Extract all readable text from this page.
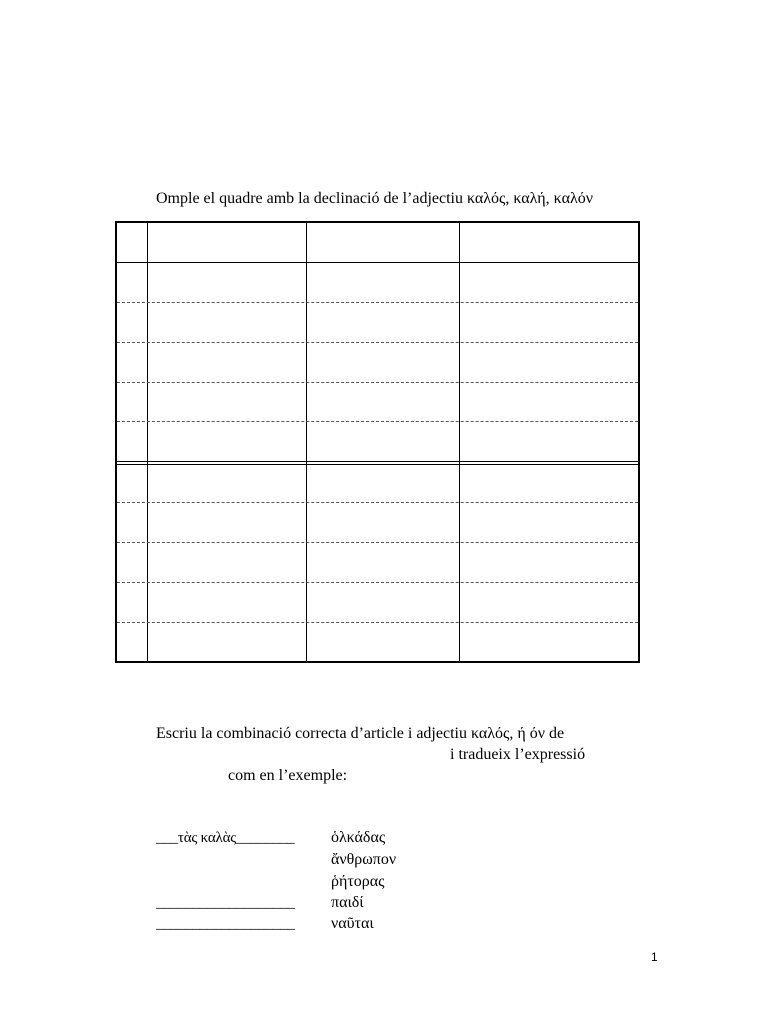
Omple el quadre amb la declinació de l’adjectiu καλός, καλή, καλόν
Escriu la combinació correcta d’article i adjectiu καλός, ή όν de
i tradueix l’expressió
com en l’exemple:
___τὰς καλὰς________ ὁλκάδας
ἄνθρωπον
ῥήτορας
___________________ παιδί
___________________ ναῦται
1
